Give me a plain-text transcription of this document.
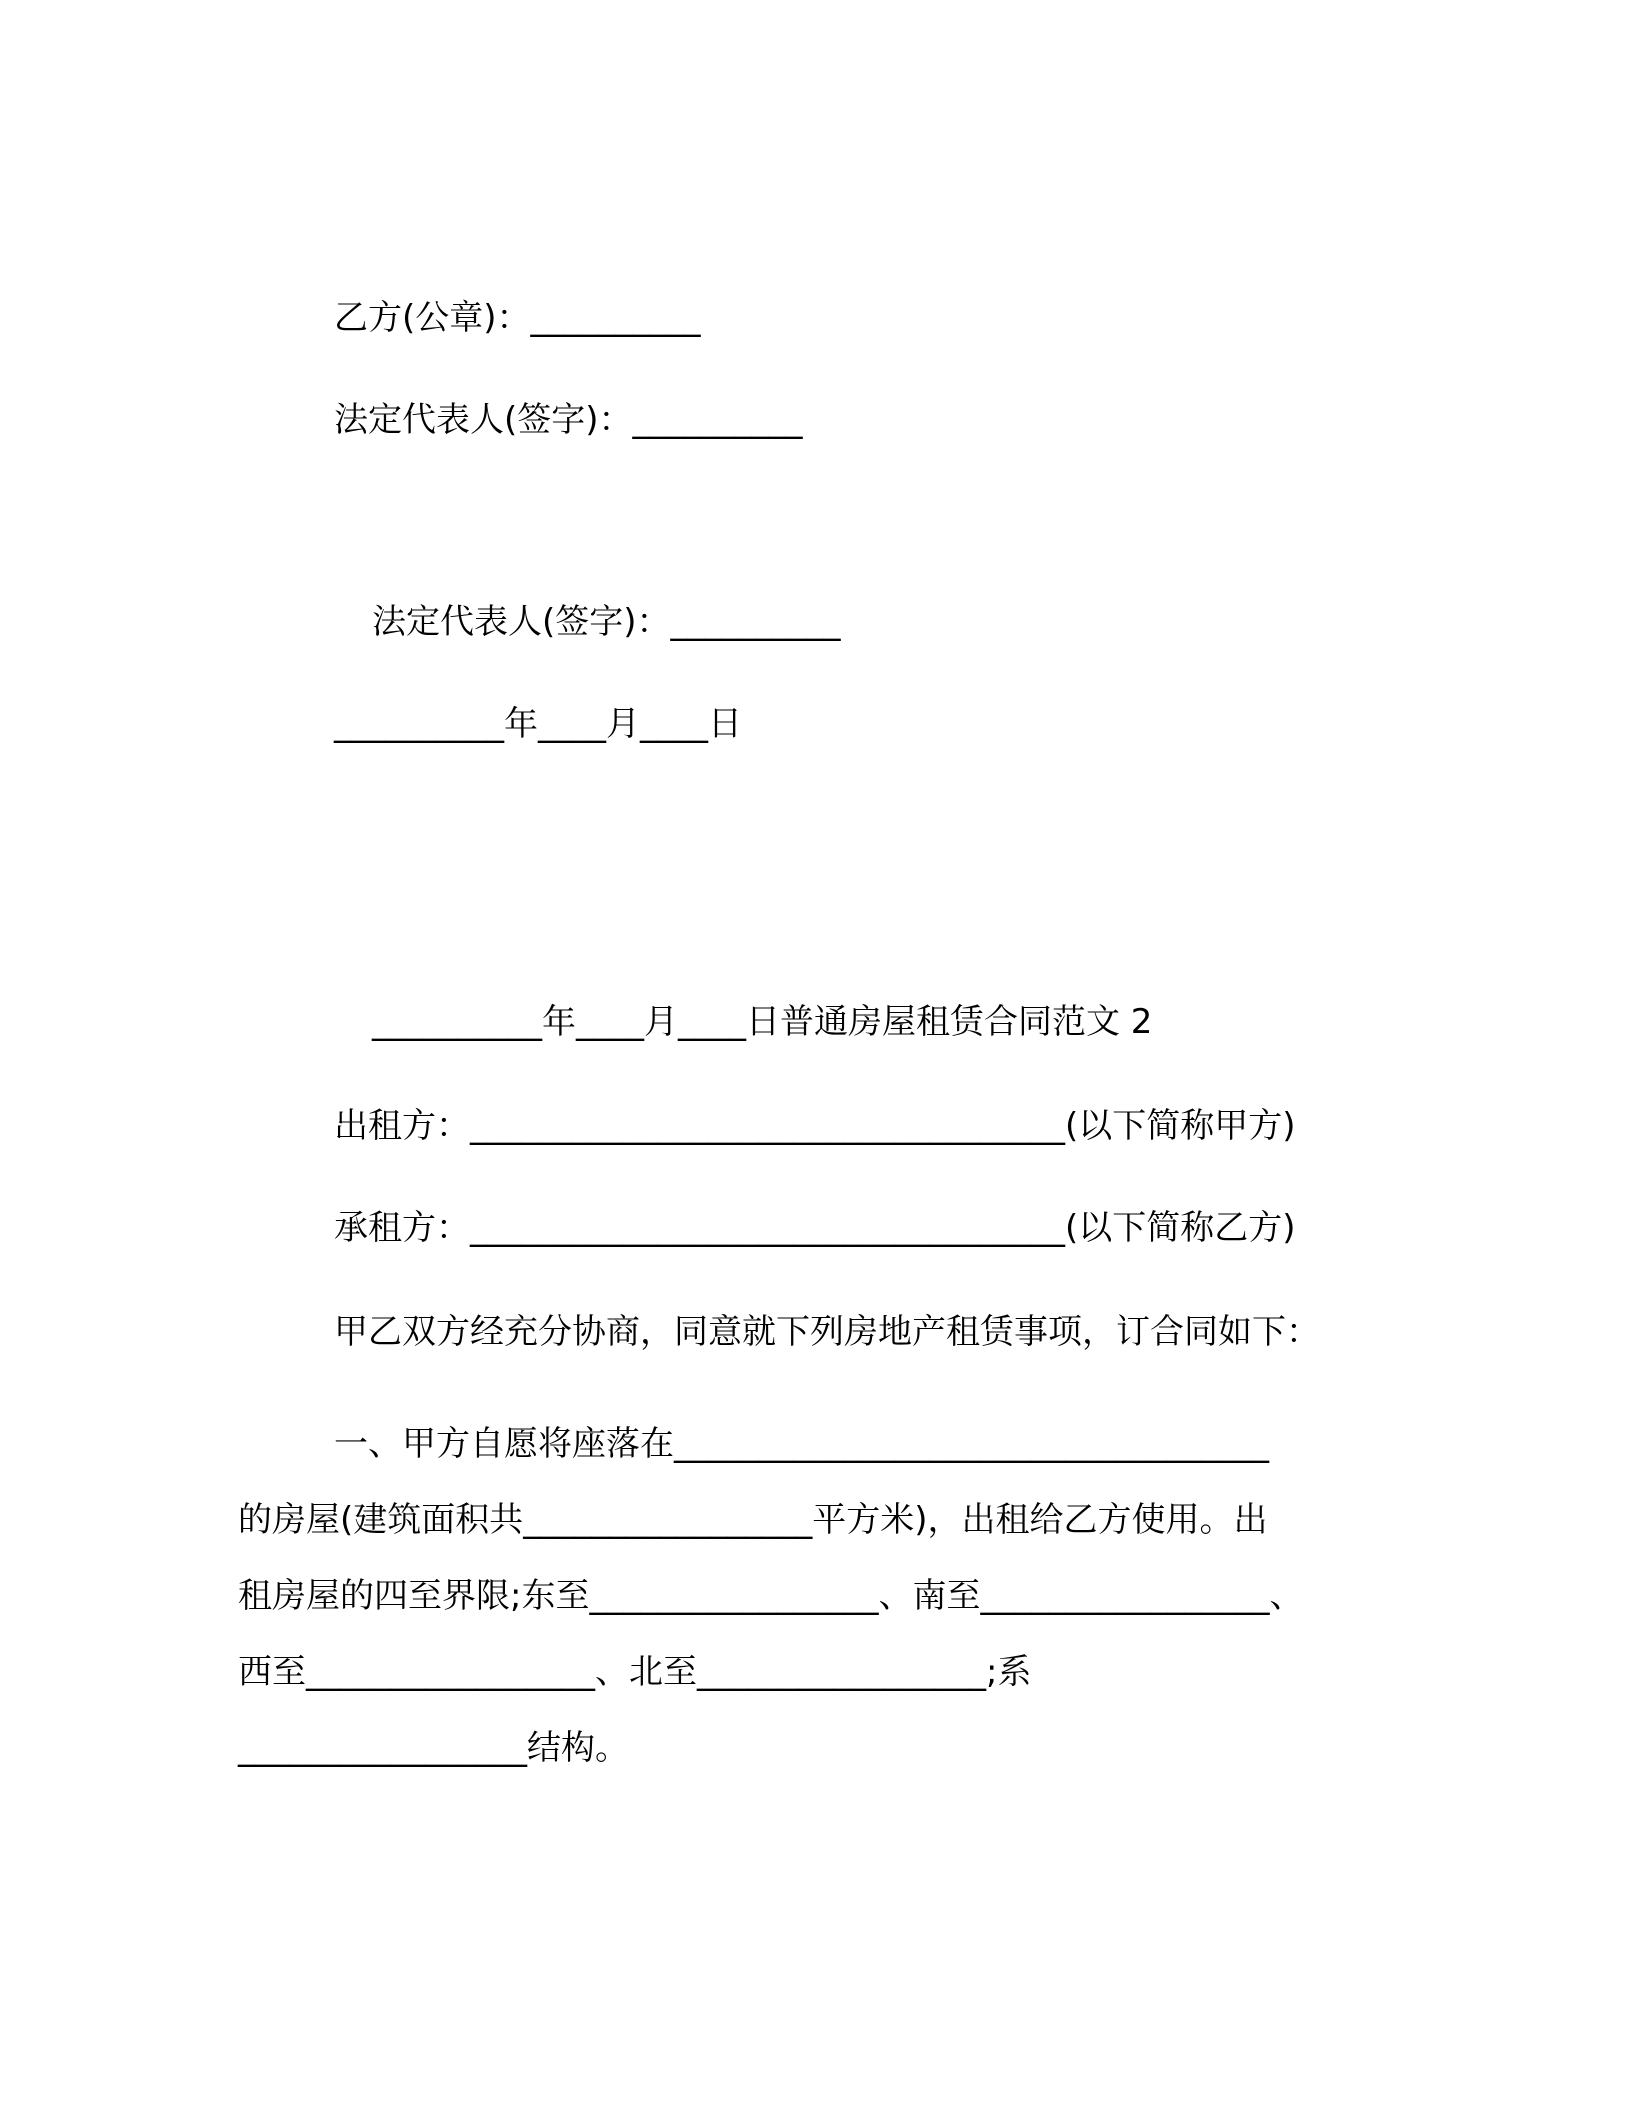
乙方(公章)：__________
法定代表人(签字)：__________
法定代表人(签字)：__________
__________年____月____日
__________年____月____日普通房屋租赁合同范文 2
出租方：___________________________________(以下简称甲方)
承租方：___________________________________(以下简称乙方)
甲乙双方经充分协商，同意就下列房地产租赁事项，订合同如下：
一、甲方自愿将座落在___________________________________
的房屋(建筑面积共_________________平方米)，出租给乙方使用。出
租房屋的四至界限;东至_________________、南至_________________、
西至_________________、北至_________________;系
_________________结构。
